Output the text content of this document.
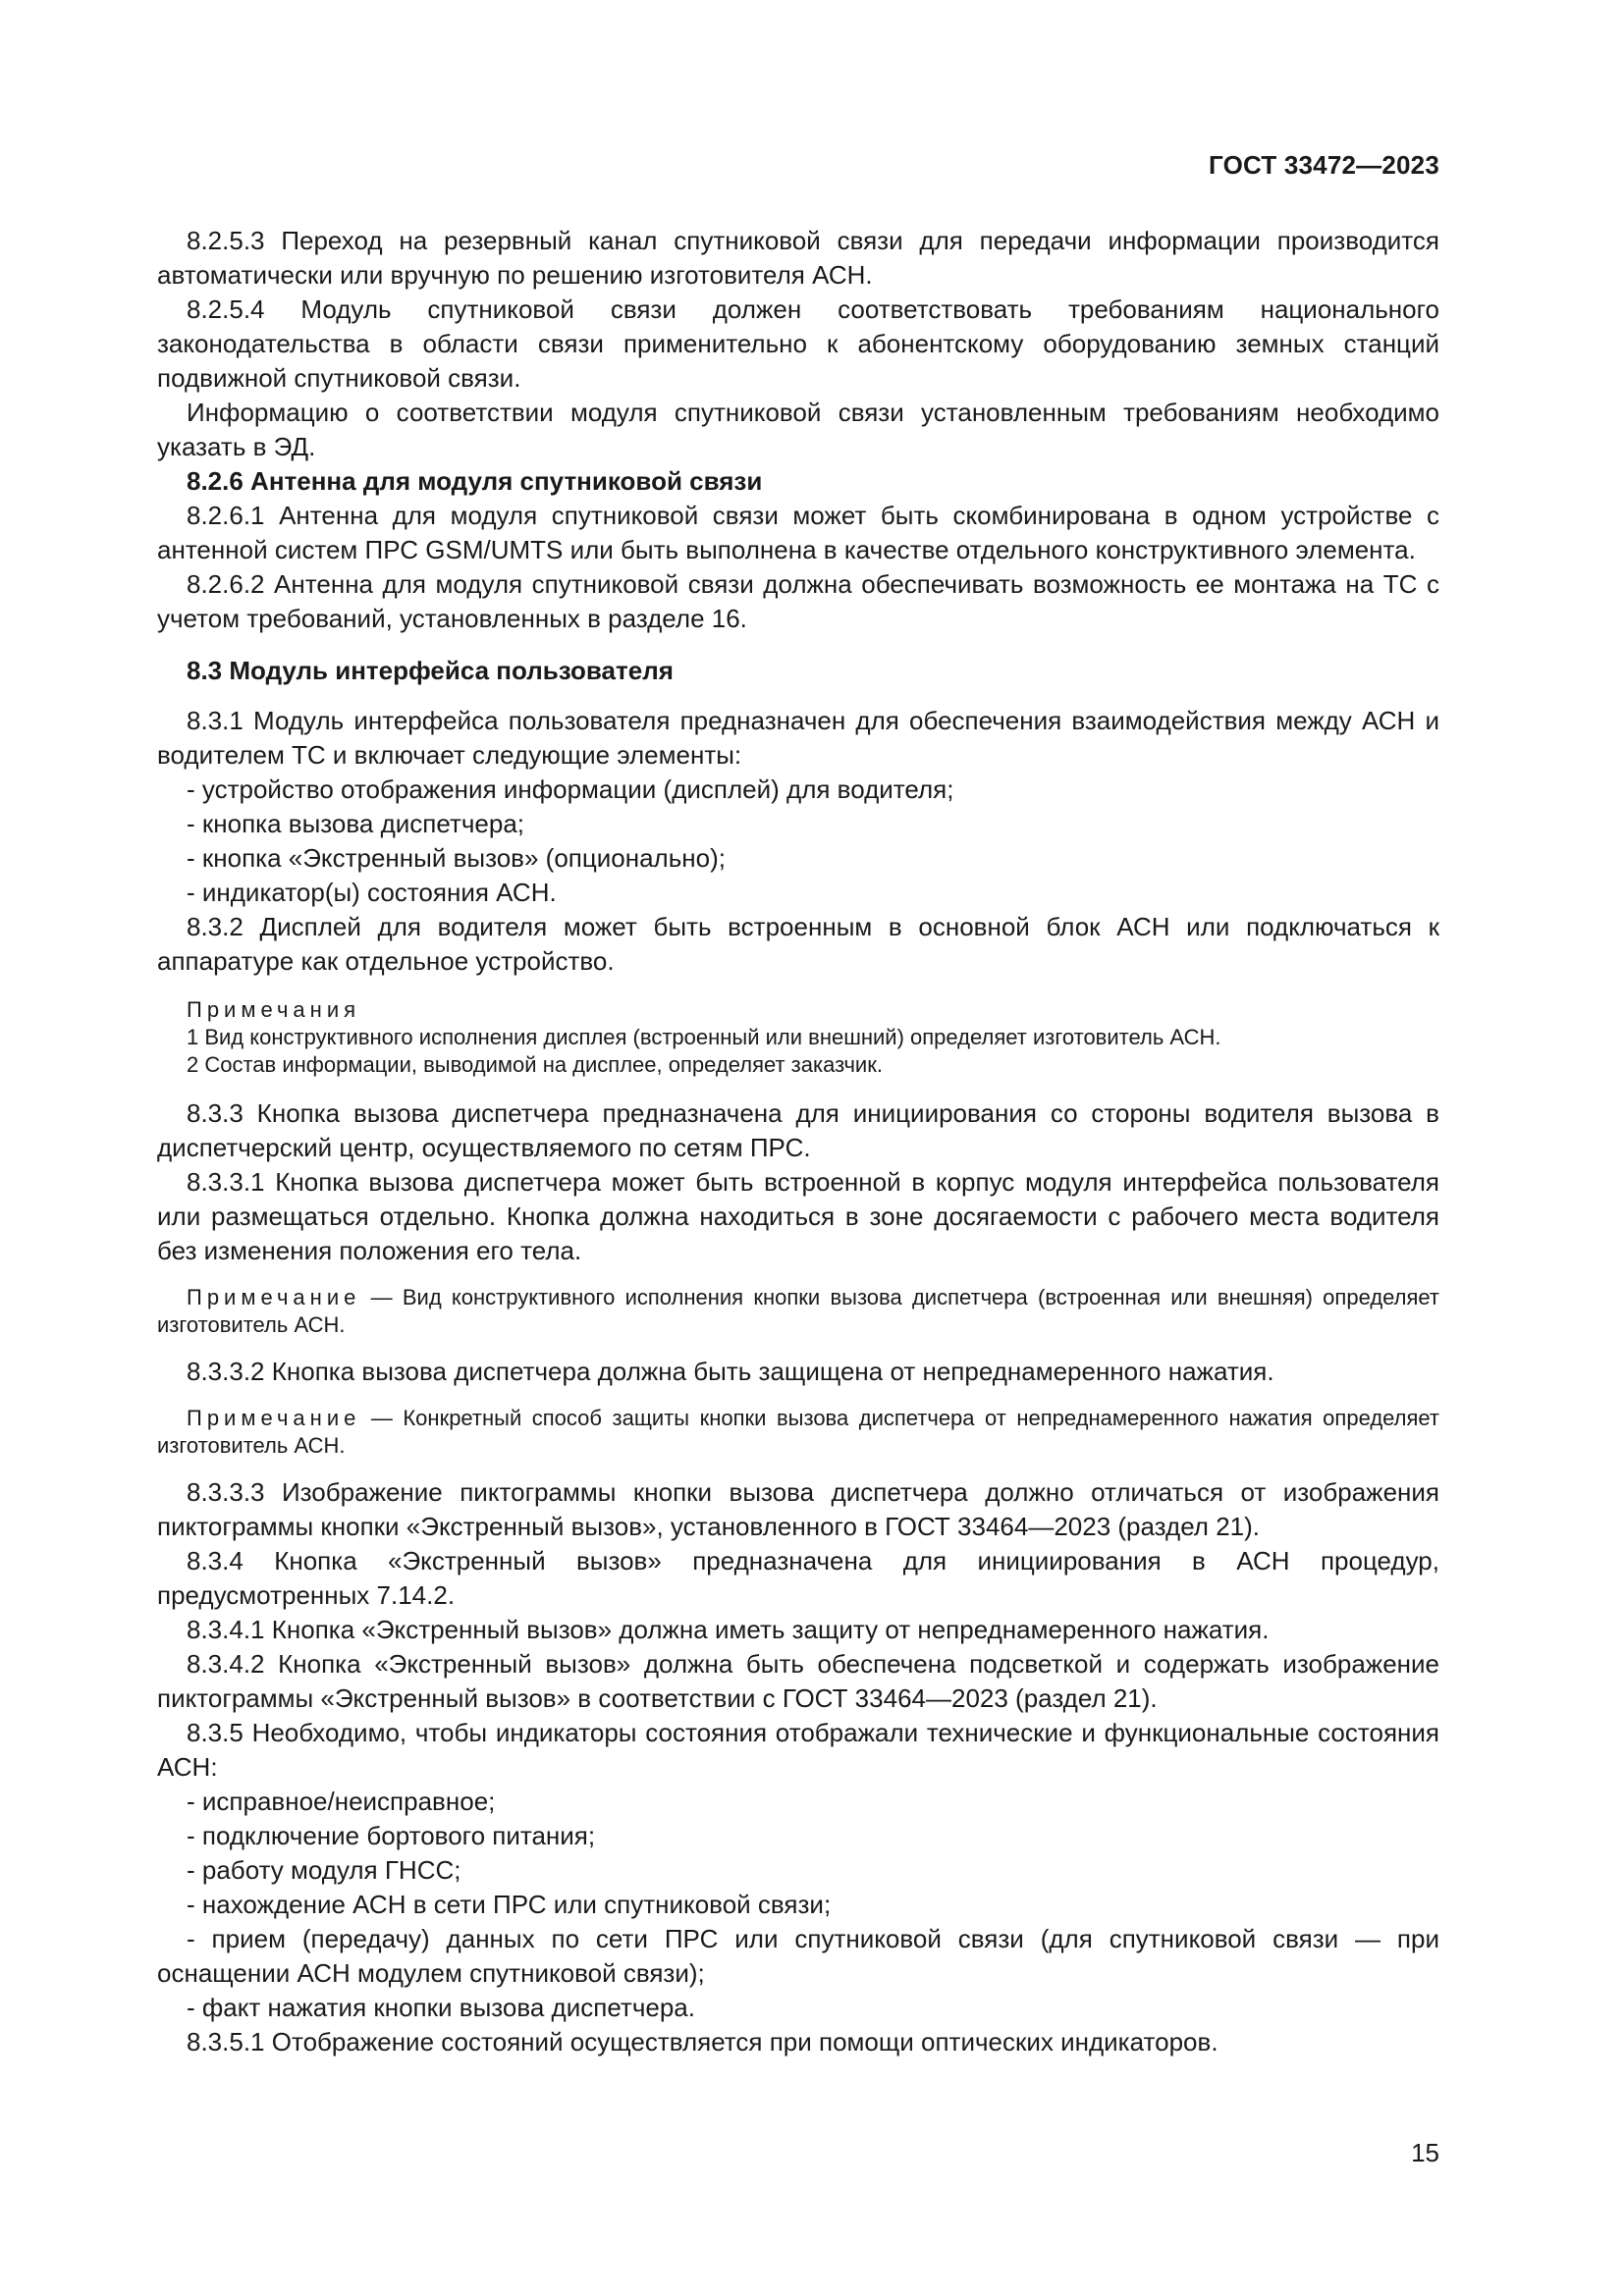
ГОСТ 33472—2023

8.2.5.3 Переход на резервный канал спутниковой связи для передачи информации производится автоматически или вручную по решению изготовителя АСН.

8.2.5.4 Модуль спутниковой связи должен соответствовать требованиям национального законодательства в области связи применительно к абонентскому оборудованию земных станций подвижной спутниковой связи.

Информацию о соответствии модуля спутниковой связи установленным требованиям необходимо указать в ЭД.

8.2.6 Антенна для модуля спутниковой связи

8.2.6.1 Антенна для модуля спутниковой связи может быть скомбинирована в одном устройстве с антенной систем ПРС GSM/UMTS или быть выполнена в качестве отдельного конструктивного элемента.

8.2.6.2 Антенна для модуля спутниковой связи должна обеспечивать возможность ее монтажа на ТС с учетом требований, установленных в разделе 16.

8.3 Модуль интерфейса пользователя

8.3.1 Модуль интерфейса пользователя предназначен для обеспечения взаимодействия между АСН и водителем ТС и включает следующие элементы:

- устройство отображения информации (дисплей) для водителя;

- кнопка вызова диспетчера;

- кнопка «Экстренный вызов» (опционально);

- индикатор(ы) состояния АСН.

8.3.2 Дисплей для водителя может быть встроенным в основной блок АСН или подключаться к аппаратуре как отдельное устройство.

Примечания

1 Вид конструктивного исполнения дисплея (встроенный или внешний) определяет изготовитель АСН.

2 Состав информации, выводимой на дисплее, определяет заказчик.

8.3.3 Кнопка вызова диспетчера предназначена для инициирования со стороны водителя вызова в диспетчерский центр, осуществляемого по сетям ПРС.

8.3.3.1 Кнопка вызова диспетчера может быть встроенной в корпус модуля интерфейса пользователя или размещаться отдельно. Кнопка должна находиться в зоне досягаемости с рабочего места водителя без изменения положения его тела.

Примечание — Вид конструктивного исполнения кнопки вызова диспетчера (встроенная или внешняя) определяет изготовитель АСН.

8.3.3.2 Кнопка вызова диспетчера должна быть защищена от непреднамеренного нажатия.

Примечание — Конкретный способ защиты кнопки вызова диспетчера от непреднамеренного нажатия определяет изготовитель АСН.

8.3.3.3 Изображение пиктограммы кнопки вызова диспетчера должно отличаться от изображения пиктограммы кнопки «Экстренный вызов», установленного в ГОСТ 33464—2023 (раздел 21).

8.3.4 Кнопка «Экстренный вызов» предназначена для инициирования в АСН процедур, предусмотренных 7.14.2.

8.3.4.1 Кнопка «Экстренный вызов» должна иметь защиту от непреднамеренного нажатия.

8.3.4.2 Кнопка «Экстренный вызов» должна быть обеспечена подсветкой и содержать изображение пиктограммы «Экстренный вызов» в соответствии с ГОСТ 33464—2023 (раздел 21).

8.3.5 Необходимо, чтобы индикаторы состояния отображали технические и функциональные состояния АСН:

- исправное/неисправное;

- подключение бортового питания;

- работу модуля ГНСС;

- нахождение АСН в сети ПРС или спутниковой связи;

- прием (передачу) данных по сети ПРС или спутниковой связи (для спутниковой связи — при оснащении АСН модулем спутниковой связи);

- факт нажатия кнопки вызова диспетчера.

8.3.5.1 Отображение состояний осуществляется при помощи оптических индикаторов.

15
